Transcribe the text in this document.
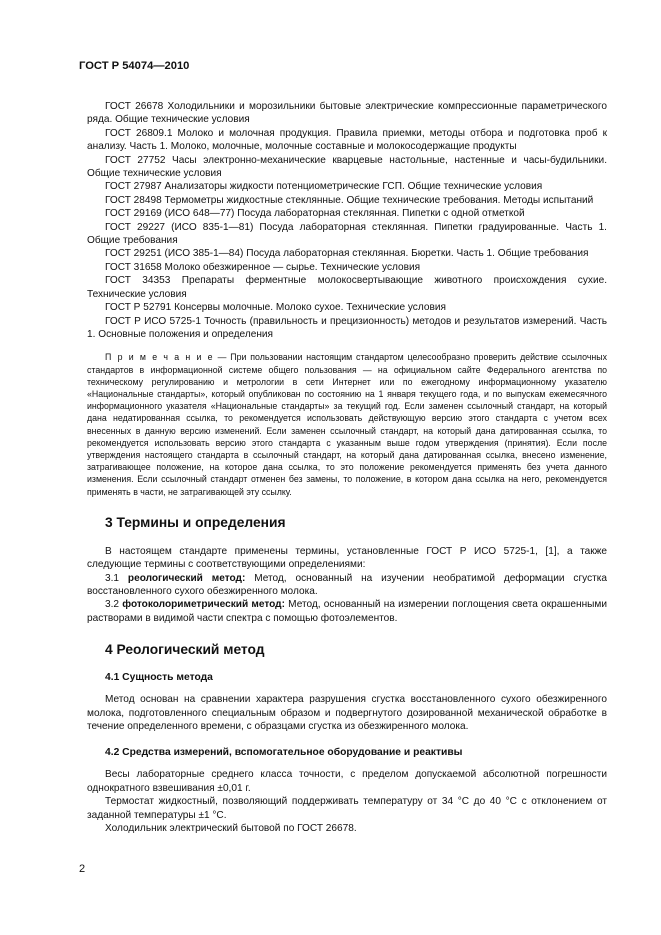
ГОСТ Р 54074—2010

ГОСТ 26678 Холодильники и морозильники бытовые электрические компрессионные параметрического ряда. Общие технические условия

ГОСТ 26809.1 Молоко и молочная продукция. Правила приемки, методы отбора и подготовка проб к анализу. Часть 1. Молоко, молочные, молочные составные и молокосодержащие продукты

ГОСТ 27752 Часы электронно-механические кварцевые настольные, настенные и часы-будильники. Общие технические условия

ГОСТ 27987 Анализаторы жидкости потенциометрические ГСП. Общие технические условия

ГОСТ 28498 Термометры жидкостные стеклянные. Общие технические требования. Методы испытаний

ГОСТ 29169 (ИСО 648—77) Посуда лабораторная стеклянная. Пипетки с одной отметкой

ГОСТ 29227 (ИСО 835-1—81) Посуда лабораторная стеклянная. Пипетки градуированные. Часть 1. Общие требования

ГОСТ 29251 (ИСО 385-1—84) Посуда лабораторная стеклянная. Бюретки. Часть 1. Общие требования

ГОСТ 31658 Молоко обезжиренное — сырье. Технические условия

ГОСТ 34353 Препараты ферментные молокосвертывающие животного происхождения сухие. Технические условия

ГОСТ Р 52791 Консервы молочные. Молоко сухое. Технические условия

ГОСТ Р ИСО 5725-1 Точность (правильность и прецизионность) методов и результатов измерений. Часть 1. Основные положения и определения

П р и м е ч а н и е — При пользовании настоящим стандартом целесообразно проверить действие ссылочных стандартов в информационной системе общего пользования — на официальном сайте Федерального агентства по техническому регулированию и метрологии в сети Интернет или по ежегодному информационному указателю «Национальные стандарты», который опубликован по состоянию на 1 января текущего года, и по выпускам ежемесячного информационного указателя «Национальные стандарты» за текущий год. Если заменен ссылочный стандарт, на который дана недатированная ссылка, то рекомендуется использовать действующую версию этого стандарта с учетом всех внесенных в данную версию изменений. Если заменен ссылочный стандарт, на который дана датированная ссылка, то рекомендуется использовать версию этого стандарта с указанным выше годом утверждения (принятия). Если после утверждения настоящего стандарта в ссылочный стандарт, на который дана датированная ссылка, внесено изменение, затрагивающее положение, на которое дана ссылка, то это положение рекомендуется применять без учета данного изменения. Если ссылочный стандарт отменен без замены, то положение, в котором дана ссылка на него, рекомендуется применять в части, не затрагивающей эту ссылку.

3 Термины и определения

В настоящем стандарте применены термины, установленные ГОСТ Р ИСО 5725-1, [1], а также следующие термины с соответствующими определениями:

3.1 реологический метод: Метод, основанный на изучении необратимой деформации сгустка восстановленного сухого обезжиренного молока.

3.2 фотоколориметрический метод: Метод, основанный на измерении поглощения света окрашенными растворами в видимой части спектра с помощью фотоэлементов.

4 Реологический метод
4.1 Сущность метода

Метод основан на сравнении характера разрушения сгустка восстановленного сухого обезжиренного молока, подготовленного специальным образом и подвергнутого дозированной механической обработке в течение определенного времени, с образцами сгустка из обезжиренного молока.

4.2 Средства измерений, вспомогательное оборудование и реактивы

Весы лабораторные среднего класса точности, с пределом допускаемой абсолютной погрешности однократного взвешивания ±0,01 г.

Термостат жидкостный, позволяющий поддерживать температуру от 34 °С до 40 °С с отклонением от заданной температуры ±1 °С.

Холодильник электрический бытовой по ГОСТ 26678.

2
